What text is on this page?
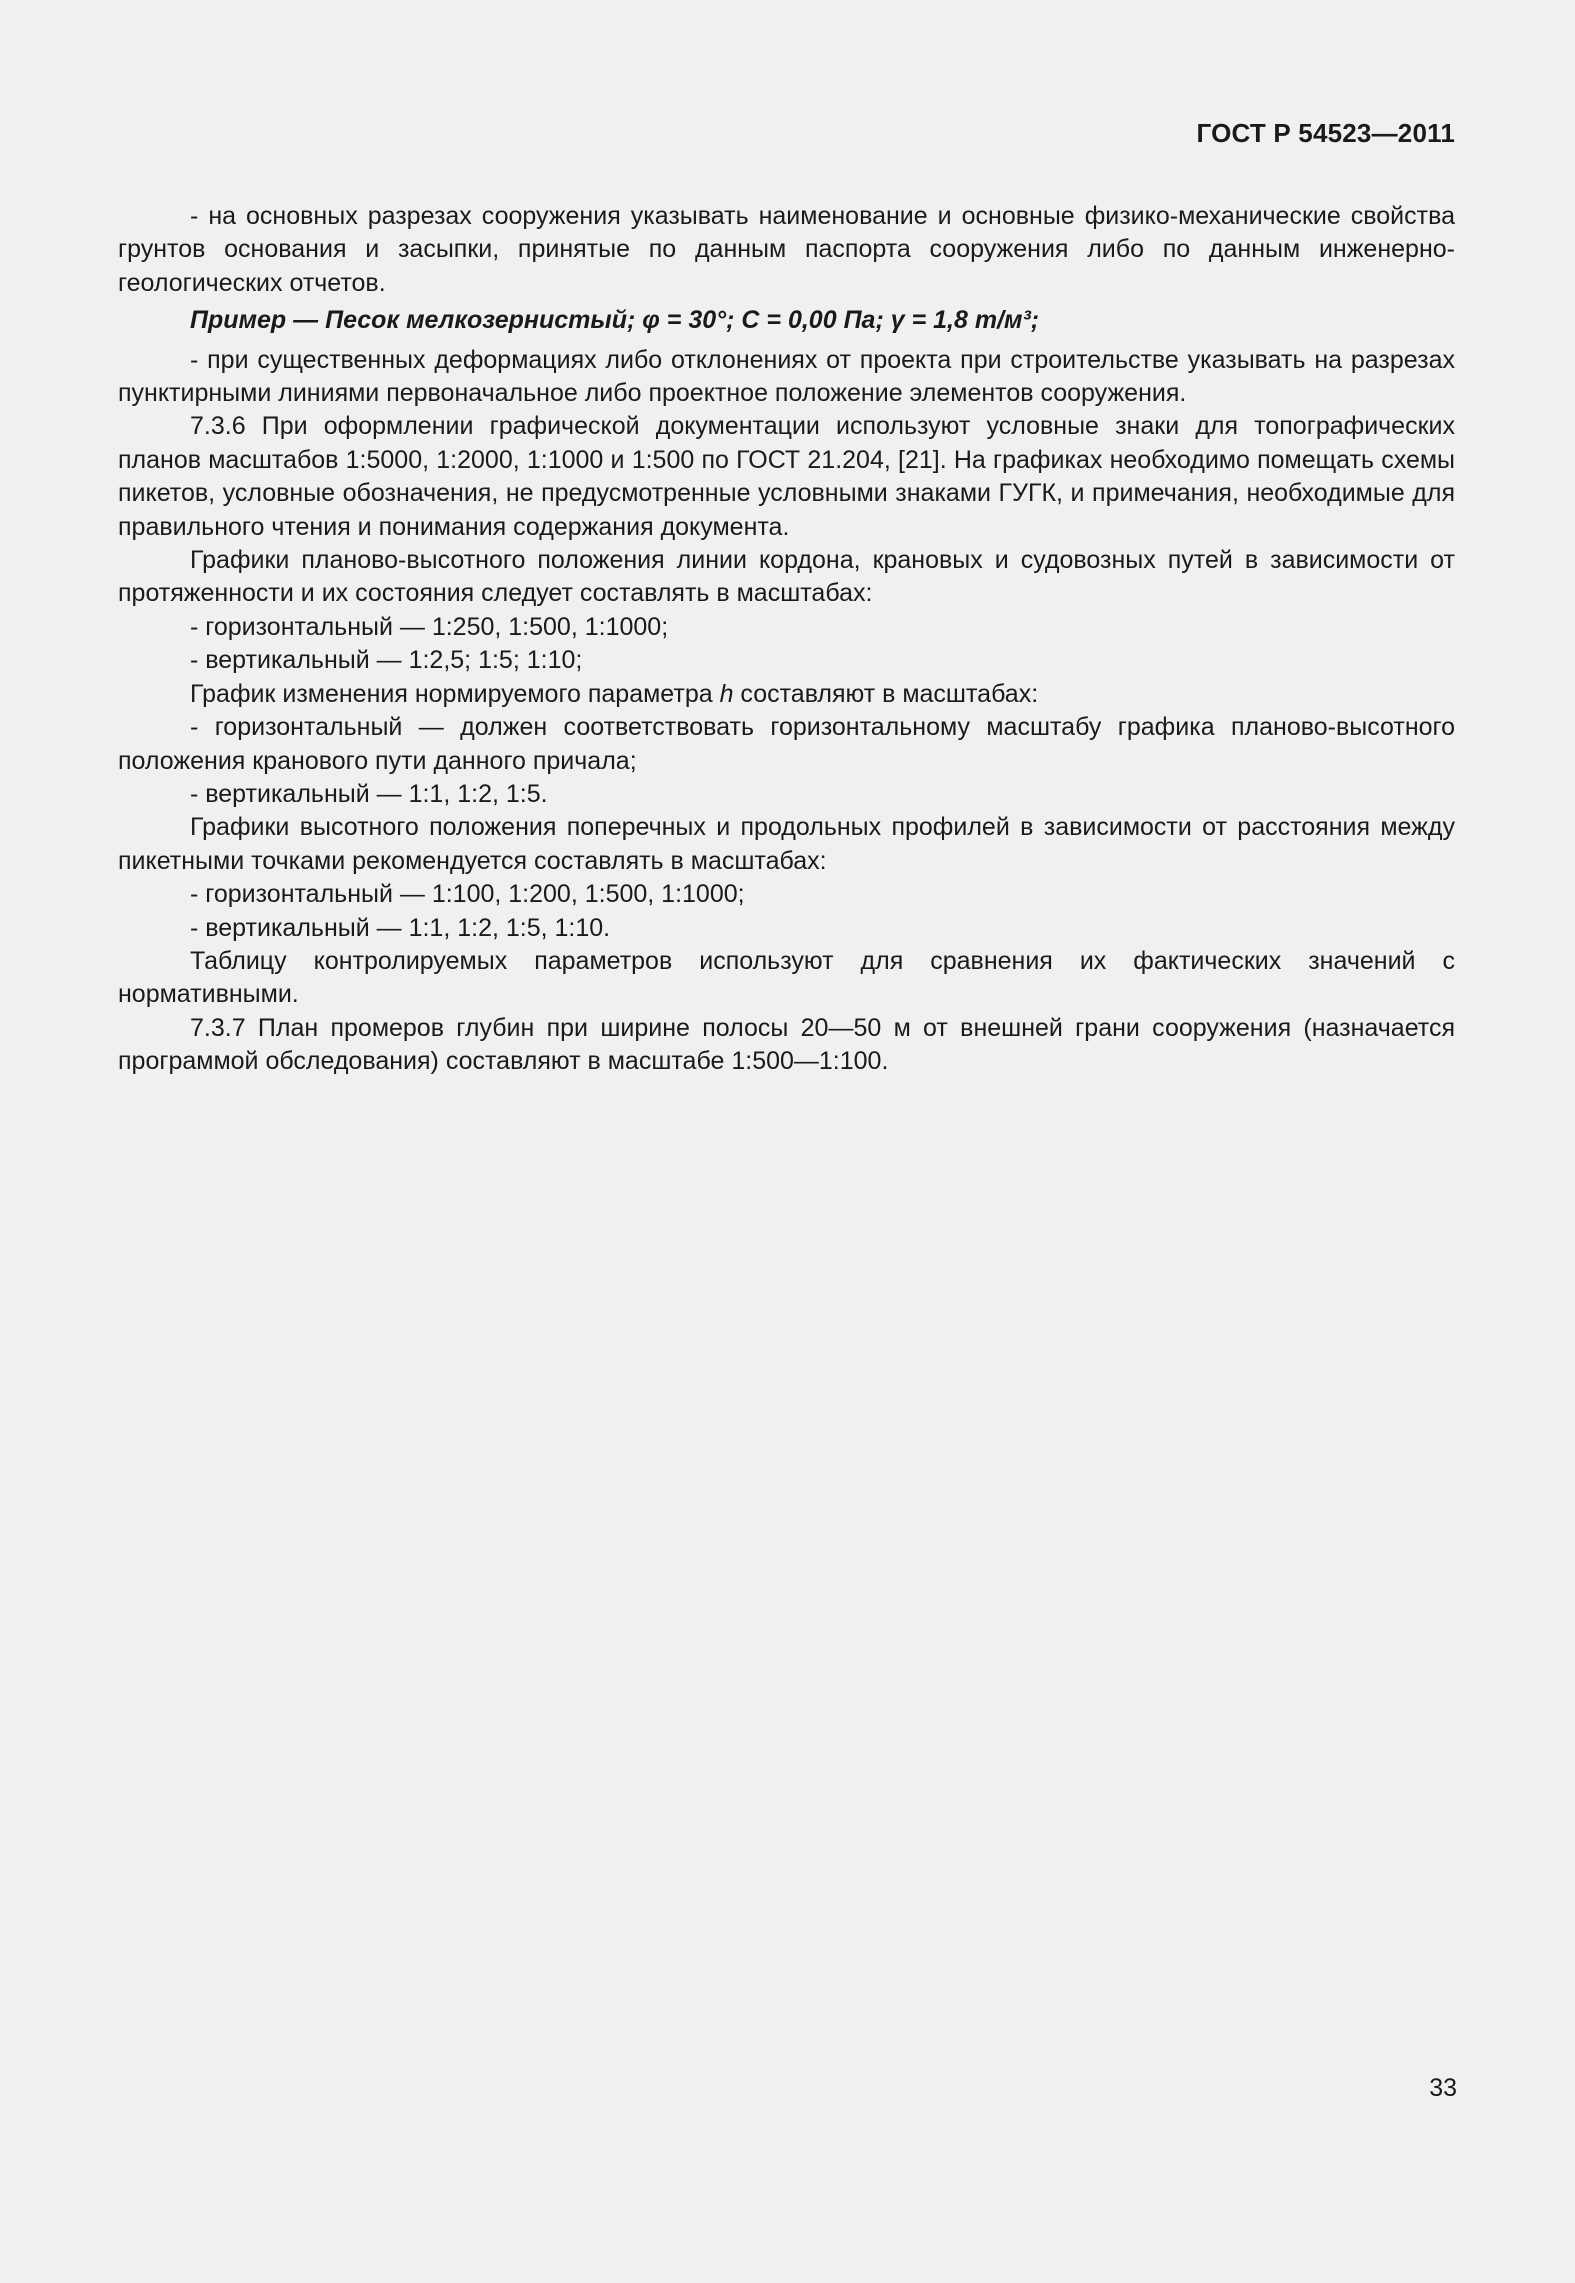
ГОСТ Р 54523—2011

- на основных разрезах сооружения указывать наименование и основные физико-механические свойства грунтов основания и засыпки, принятые по данным паспорта сооружения либо по данным инженерно-геологических отчетов.

Пример — Песок мелкозернистый; φ = 30°; C = 0,00 Па; γ = 1,8 т/м³;

- при существенных деформациях либо отклонениях от проекта при строительстве указывать на разрезах пунктирными линиями первоначальное либо проектное положение элементов сооружения.

7.3.6 При оформлении графической документации используют условные знаки для топографических планов масштабов 1:5000, 1:2000, 1:1000 и 1:500 по ГОСТ 21.204, [21]. На графиках необходимо помещать схемы пикетов, условные обозначения, не предусмотренные условными знаками ГУГК, и примечания, необходимые для правильного чтения и понимания содержания документа.

Графики планово-высотного положения линии кордона, крановых и судовозных путей в зависимости от протяженности и их состояния следует составлять в масштабах:

- горизонтальный — 1:250, 1:500, 1:1000;

- вертикальный — 1:2,5; 1:5; 1:10;

График изменения нормируемого параметра h составляют в масштабах:

- горизонтальный — должен соответствовать горизонтальному масштабу графика планово-высотного положения кранового пути данного причала;

- вертикальный — 1:1, 1:2, 1:5.

Графики высотного положения поперечных и продольных профилей в зависимости от расстояния между пикетными точками рекомендуется составлять в масштабах:

- горизонтальный — 1:100, 1:200, 1:500, 1:1000;

- вертикальный — 1:1, 1:2, 1:5, 1:10.

Таблицу контролируемых параметров используют для сравнения их фактических значений с нормативными.

7.3.7 План промеров глубин при ширине полосы 20—50 м от внешней грани сооружения (назначается программой обследования) составляют в масштабе 1:500—1:100.

33
